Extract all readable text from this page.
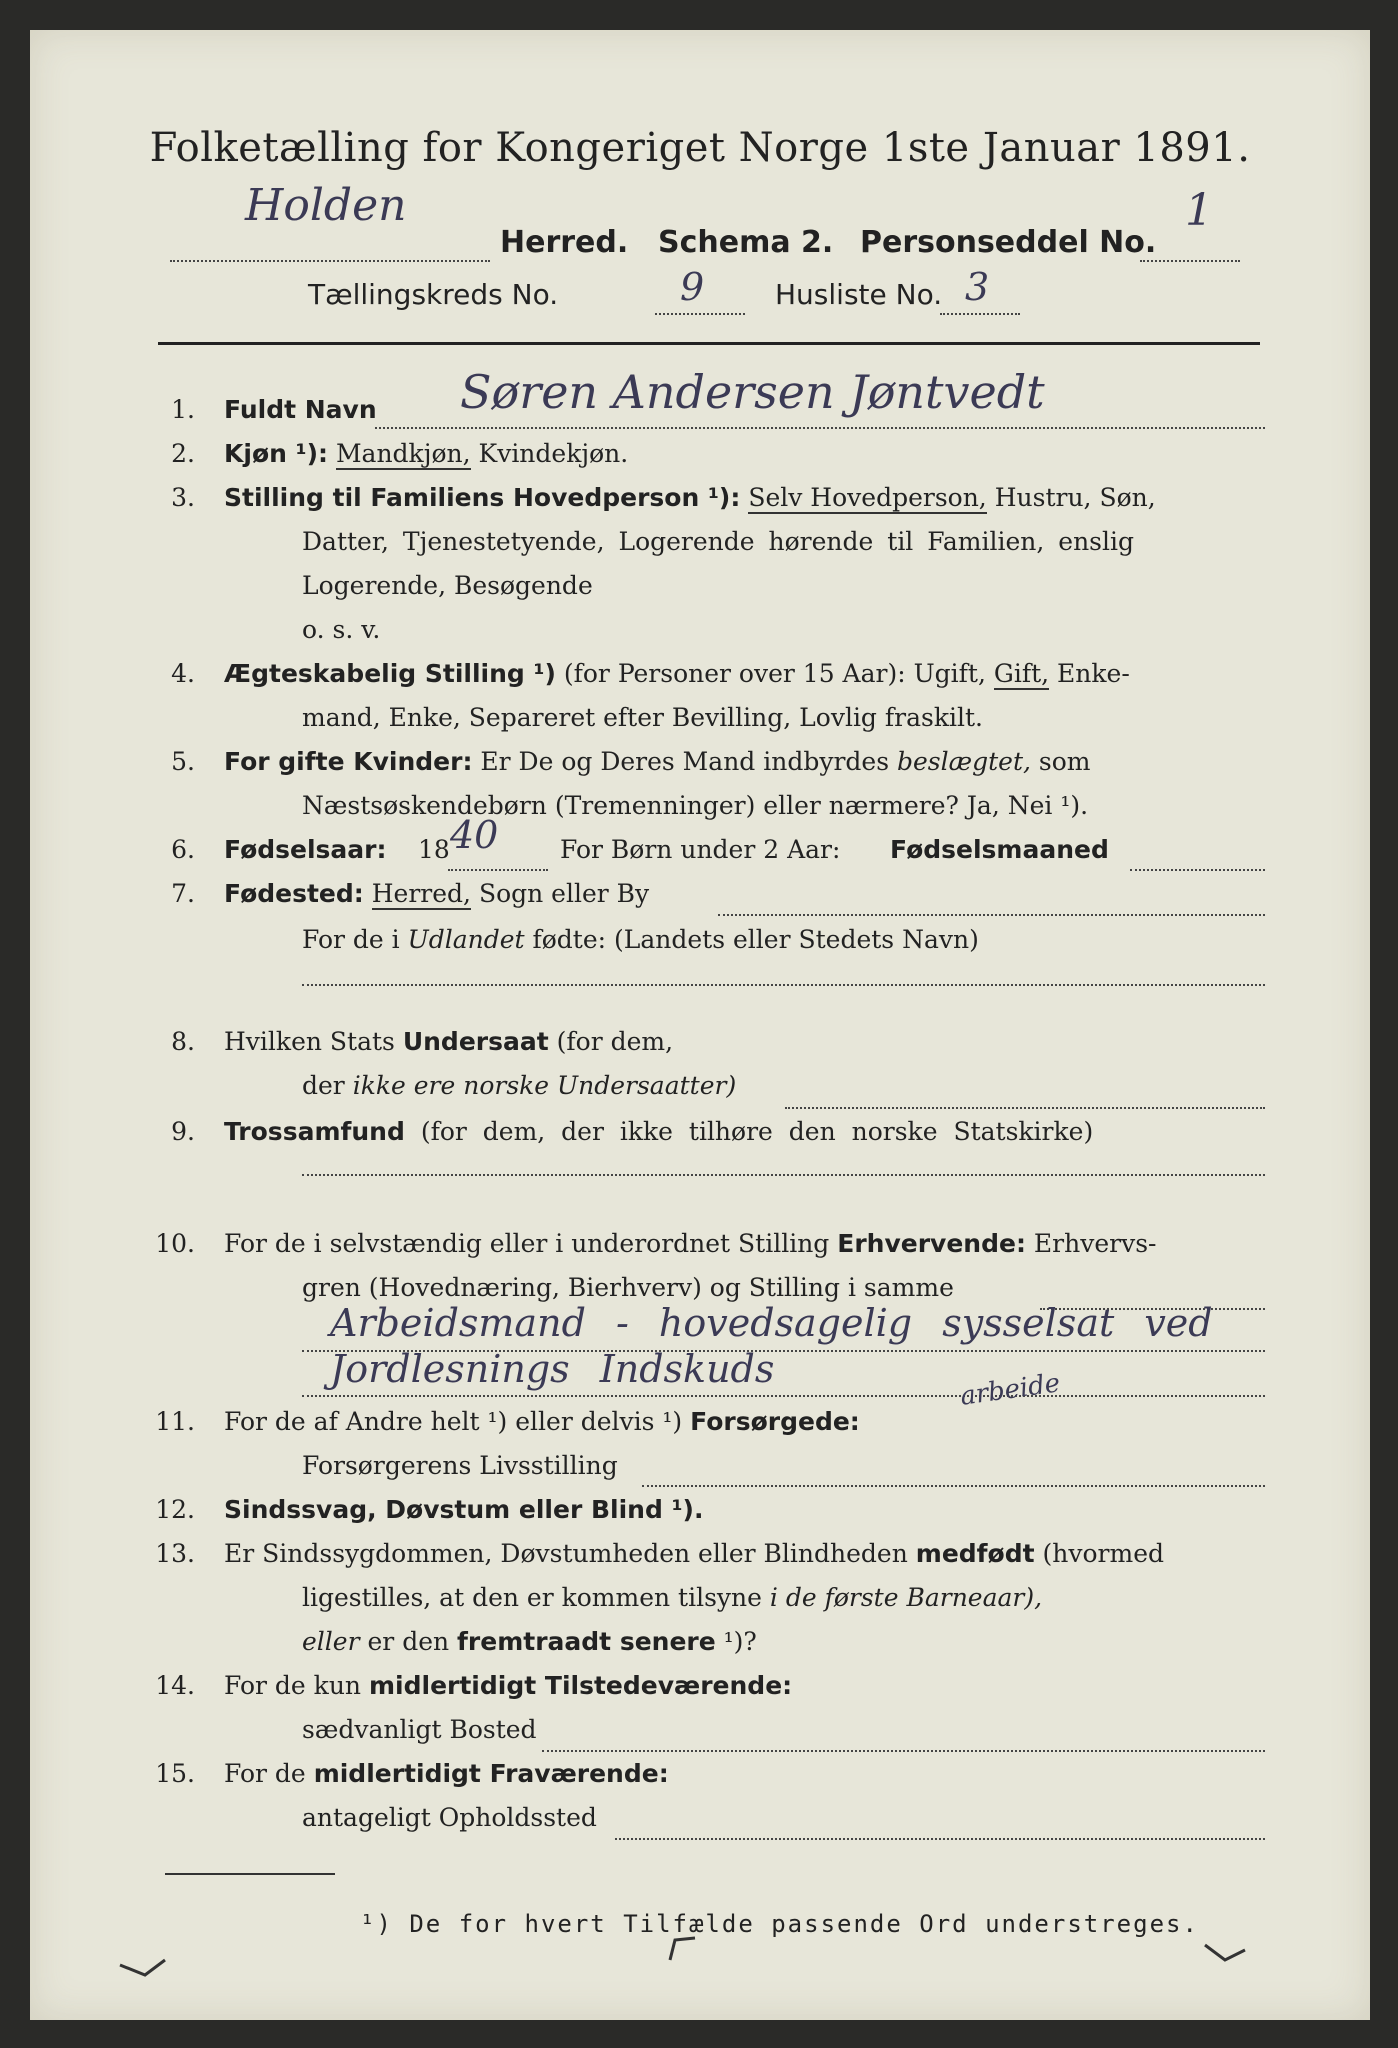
Folketælling for Kongeriget Norge 1ste Januar 1891.
Holden
Herred. Schema 2. Personseddel No.
1
Tællingskreds No.	9	Husliste No. 3
1. Fuldt Navn Søren Andersen Jøntvedt
2. Kjøn ¹): Mandkjøn, Kvindekjøn.
3. Stilling til Familiens Hovedperson ¹): Selv Hovedperson, Hustru, Søn,
Datter, Tjenestetyende, Logerende hørende til Familien, enslig
Logerende, Besøgende
o. s. v.
4. Ægteskabelig Stilling ¹) (for Personer over 15 Aar): Ugift, Gift, Enke-
mand, Enke, Separeret efter Bevilling, Lovlig fraskilt.
5. For gifte Kvinder: Er De og Deres Mand indbyrdes beslægtet, som
Næstsøskendebørn (Tremenninger) eller nærmere? Ja, Nei ¹).
6. Fødselsaar: 18 40 For Børn under 2 Aar: Fødselsmaaned
7. Fødested: Herred, Sogn eller By
For de i Udlandet fødte: (Landets eller Stedets Navn)
8. Hvilken Stats Undersaat (for dem,
der ikke ere norske Undersaatter)
9. Trossamfund (for dem, der ikke tilhøre den norske Statskirke)
10. For de i selvstændig eller i underordnet Stilling Erhvervende: Erhvervs-
gren (Hovednæring, Bierhverv) og Stilling i samme
Arbeidsmand - hovedsagelig sysselsat ved Jordlesnings Indskuds	arbeide
11. For de af Andre helt ¹) eller delvis ¹) Forsørgede:
Forsørgerens Livsstilling
12. Sindssvag, Døvstum eller Blind ¹).
13. Er Sindssygdommen, Døvstumheden eller Blindheden medfødt (hvormed
ligestilles, at den er kommen tilsyne i de første Barneaar),
eller er den fremtraadt senere ¹)?
14. For de kun midlertidigt Tilstedeværende:
sædvanligt Bosted
15. For de midlertidigt Fraværende:
antageligt Opholdssted
¹) De for hvert Tilfælde passende Ord understreges.
